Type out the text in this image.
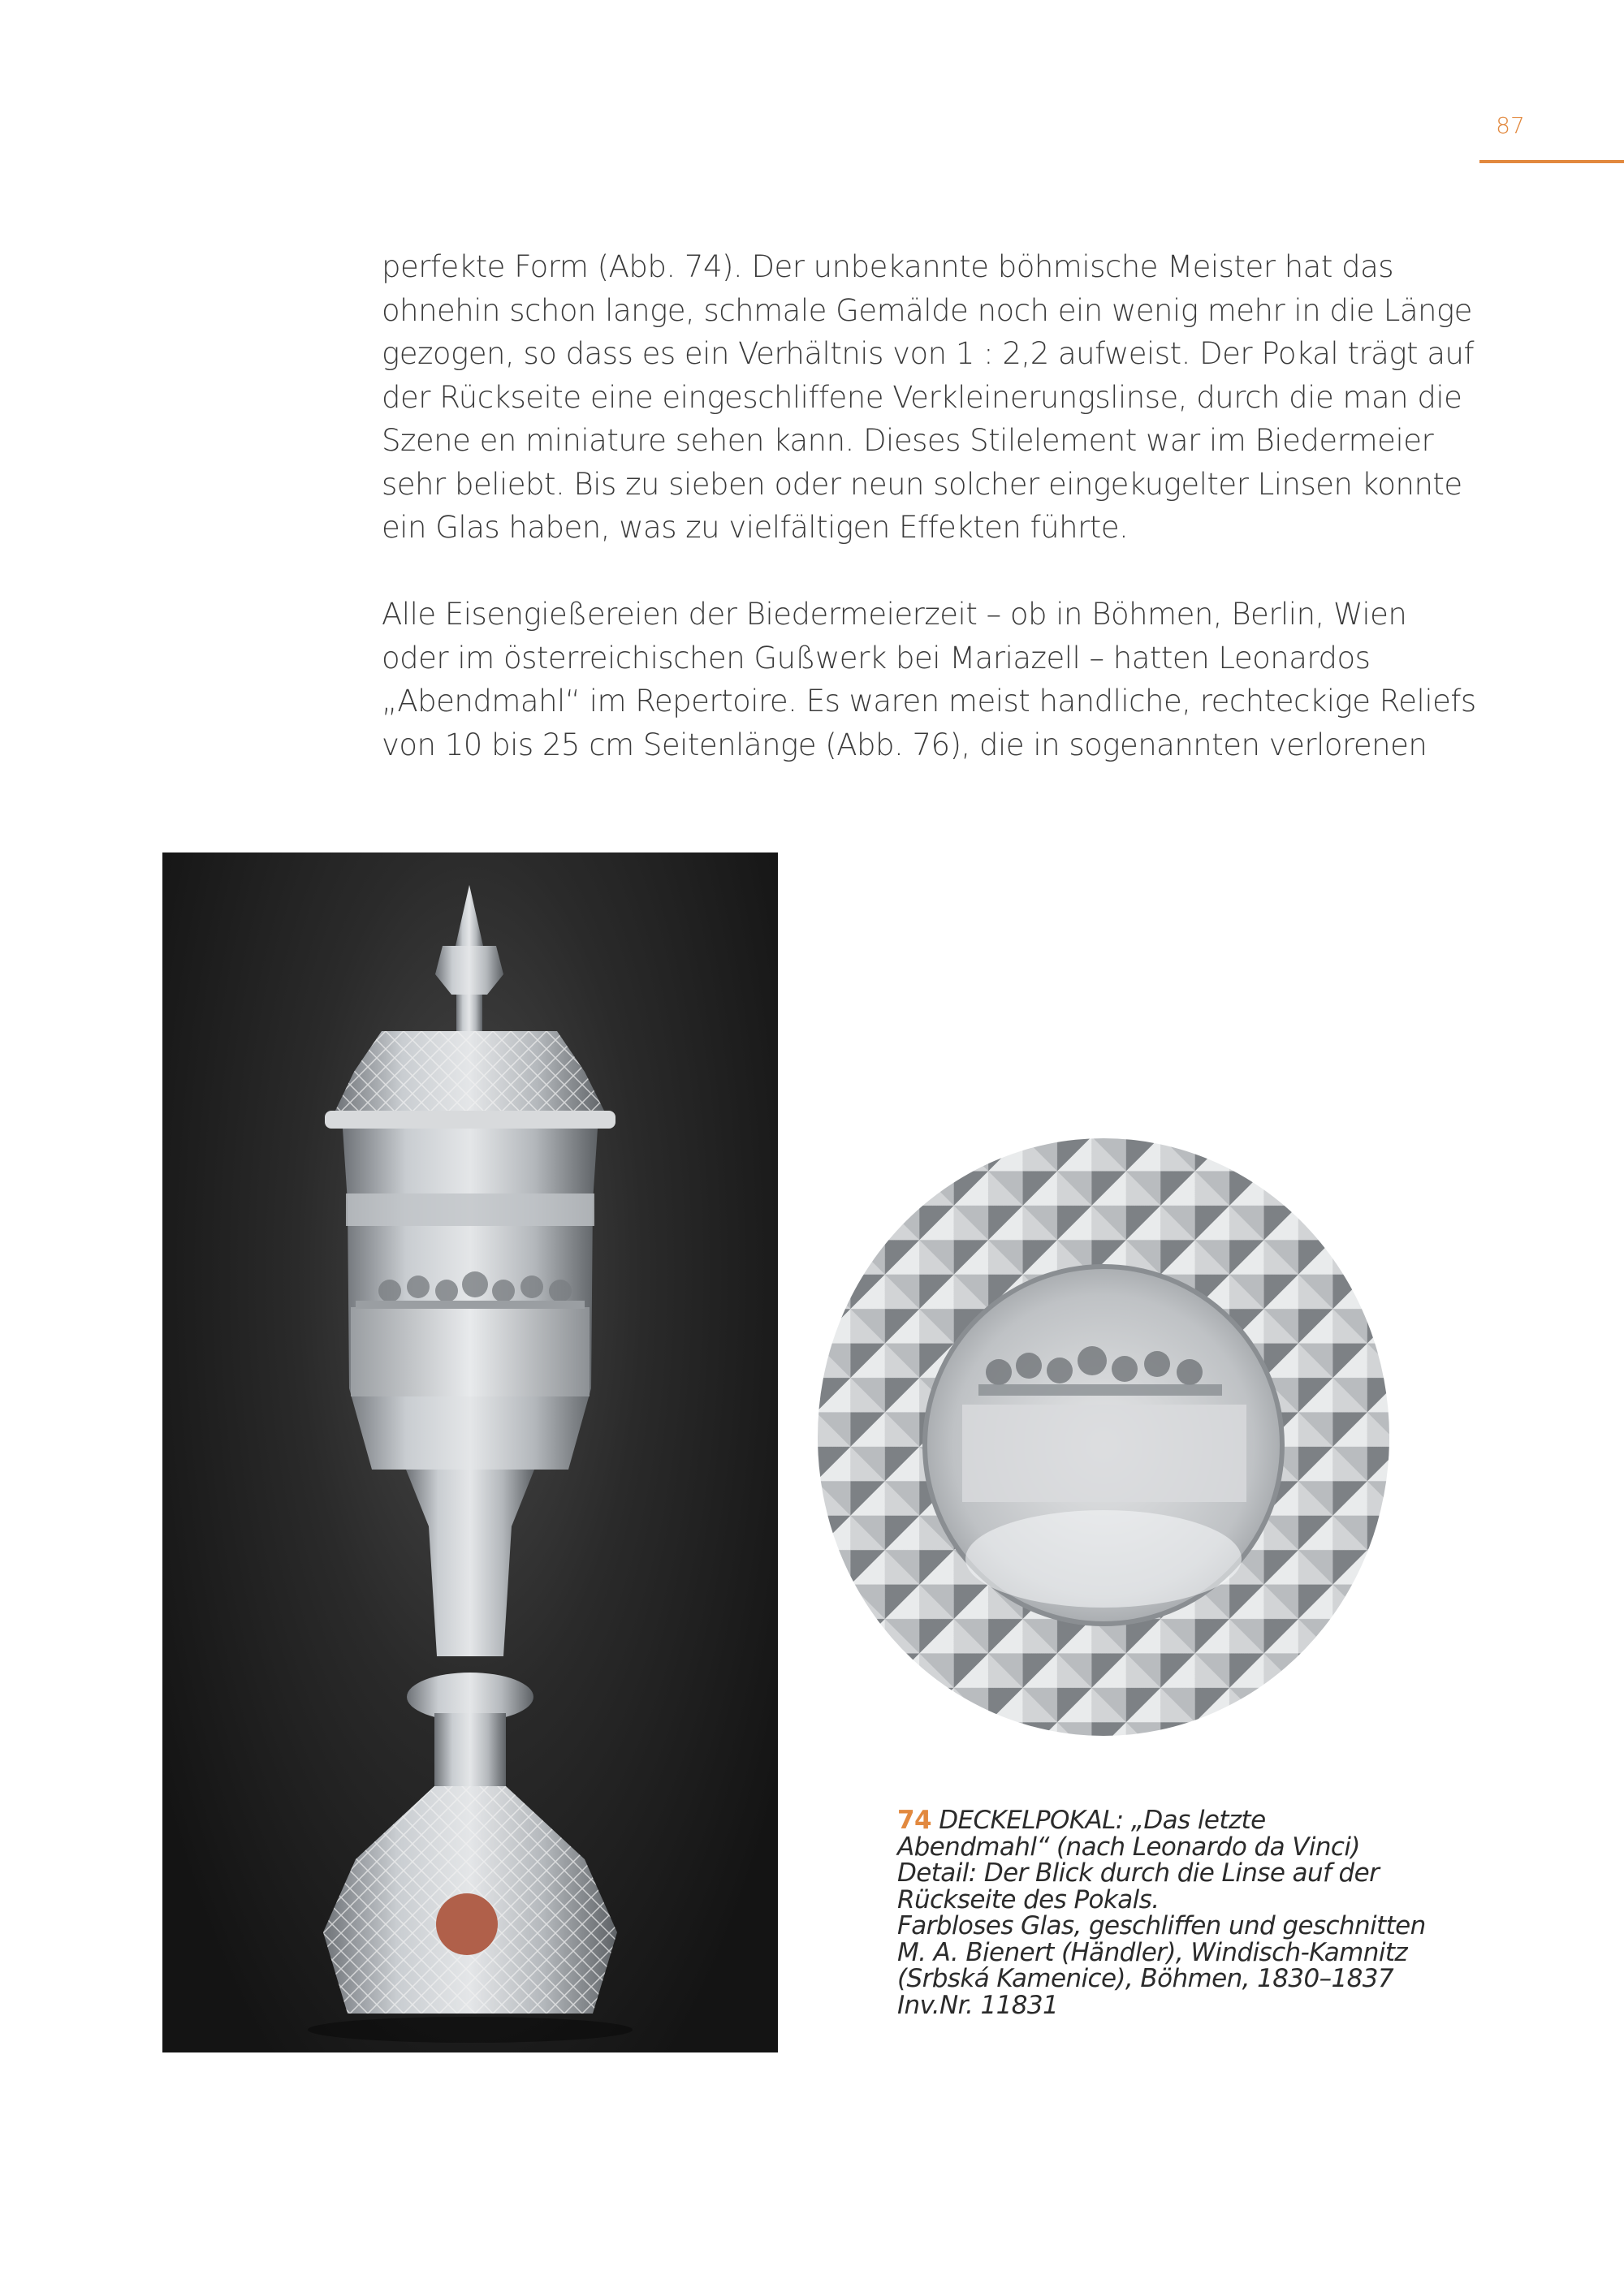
87

perfekte Form (Abb. 74). Der unbekannte böhmische Meister hat das
ohnehin schon lange, schmale Gemälde noch ein wenig mehr in die Länge
gezogen, so dass es ein Verhältnis von 1 : 2,2 aufweist. Der Pokal trägt auf
der Rückseite eine eingeschliffene Verkleinerungslinse, durch die man die
Szene en miniature sehen kann. Dieses Stilelement war im Biedermeier
sehr beliebt. Bis zu sieben oder neun solcher eingekugelter Linsen konnte
ein Glas haben, was zu vielfältigen Effekten führte.

Alle Eisengießereien der Biedermeierzeit – ob in Böhmen, Berlin, Wien
oder im österreichischen Gußwerk bei Mariazell – hatten Leonardos
„Abendmahl“ im Repertoire. Es waren meist handliche, rechteckige Reliefs
von 10 bis 25 cm Seitenlänge (Abb. 76), die in sogenannten verlorenen

74 DECKELPOKAL: „Das letzte
Abendmahl“ (nach Leonardo da Vinci)
Detail: Der Blick durch die Linse auf der
Rückseite des Pokals.
Farbloses Glas, geschliffen und geschnitten
M. A. Bienert (Händler), Windisch-Kamnitz
(Srbská Kamenice), Böhmen, 1830–1837
Inv.Nr. 11831
